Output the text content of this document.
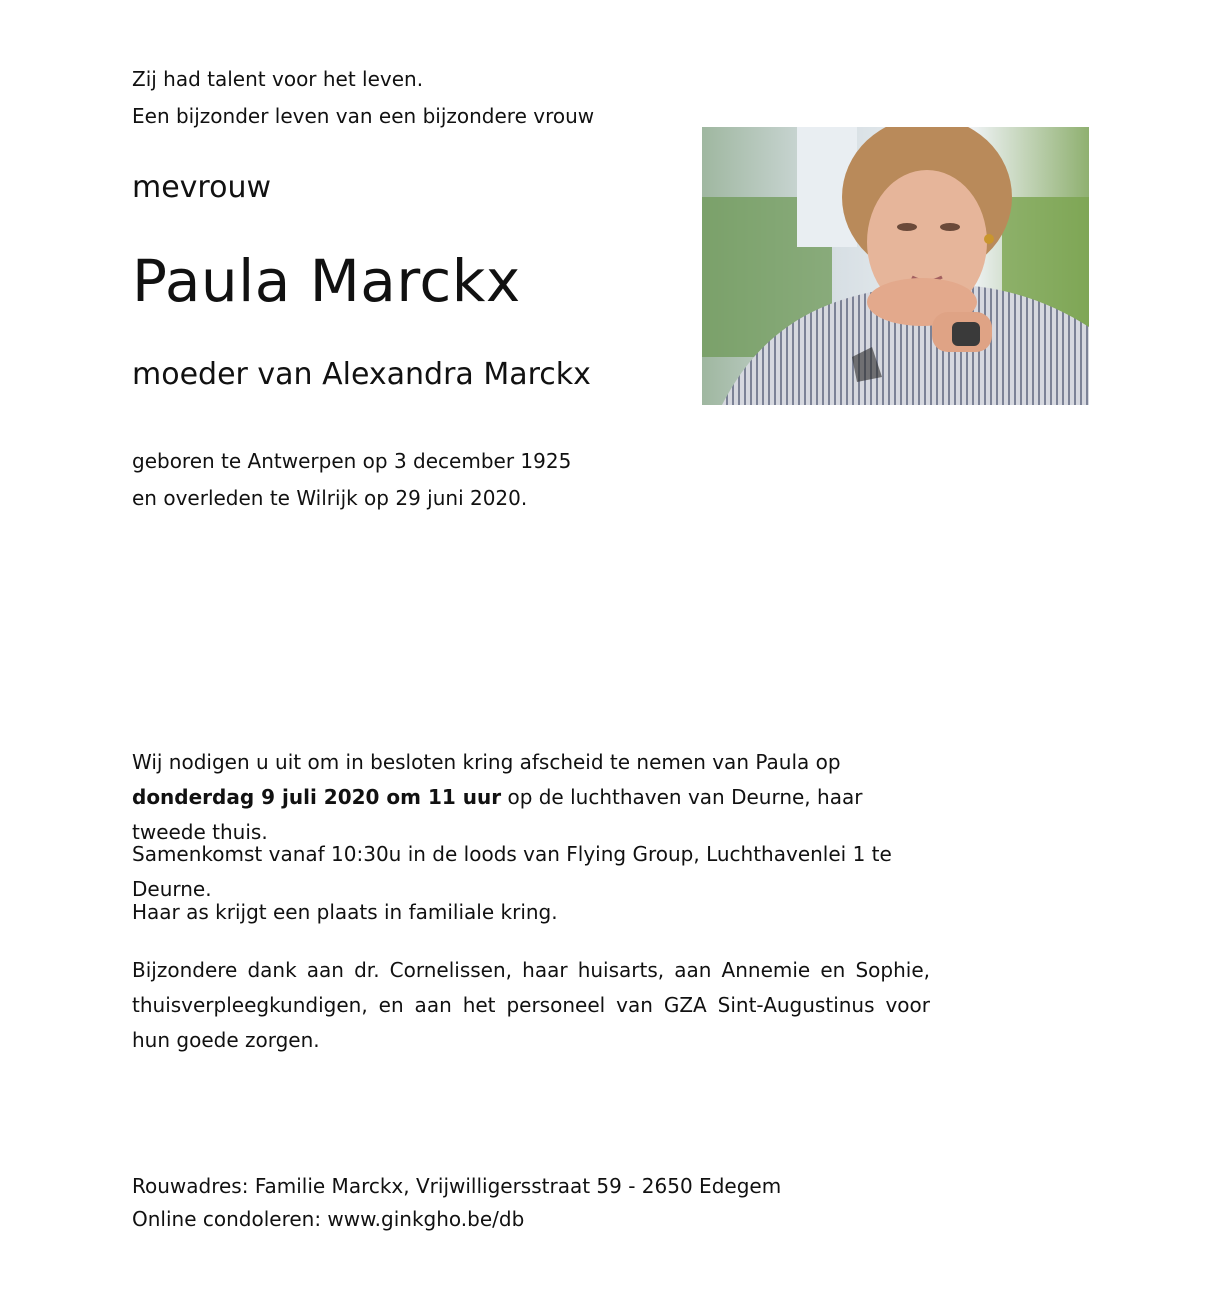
Zij had talent voor het leven.
Een bijzonder leven van een bijzondere vrouw
mevrouw
Paula Marckx
moeder van Alexandra Marckx
geboren te Antwerpen op 3 december 1925
en overleden te Wilrijk op 29 juni 2020.
Wij nodigen u uit om in besloten kring afscheid te nemen van Paula op donderdag 9 juli 2020 om 11 uur op de luchthaven van Deurne, haar tweede thuis.
Samenkomst vanaf 10:30u in de loods van Flying Group, Luchthavenlei 1 te Deurne.
Haar as krijgt een plaats in familiale kring.
Bijzondere dank aan dr. Cornelissen, haar huisarts, aan Annemie en Sophie, thuisverpleegkundigen, en aan het personeel van GZA Sint-Augustinus voor hun goede zorgen.
Rouwadres: Familie Marckx, Vrijwilligersstraat 59 - 2650 Edegem
Online condoleren: www.ginkgho.be/db
